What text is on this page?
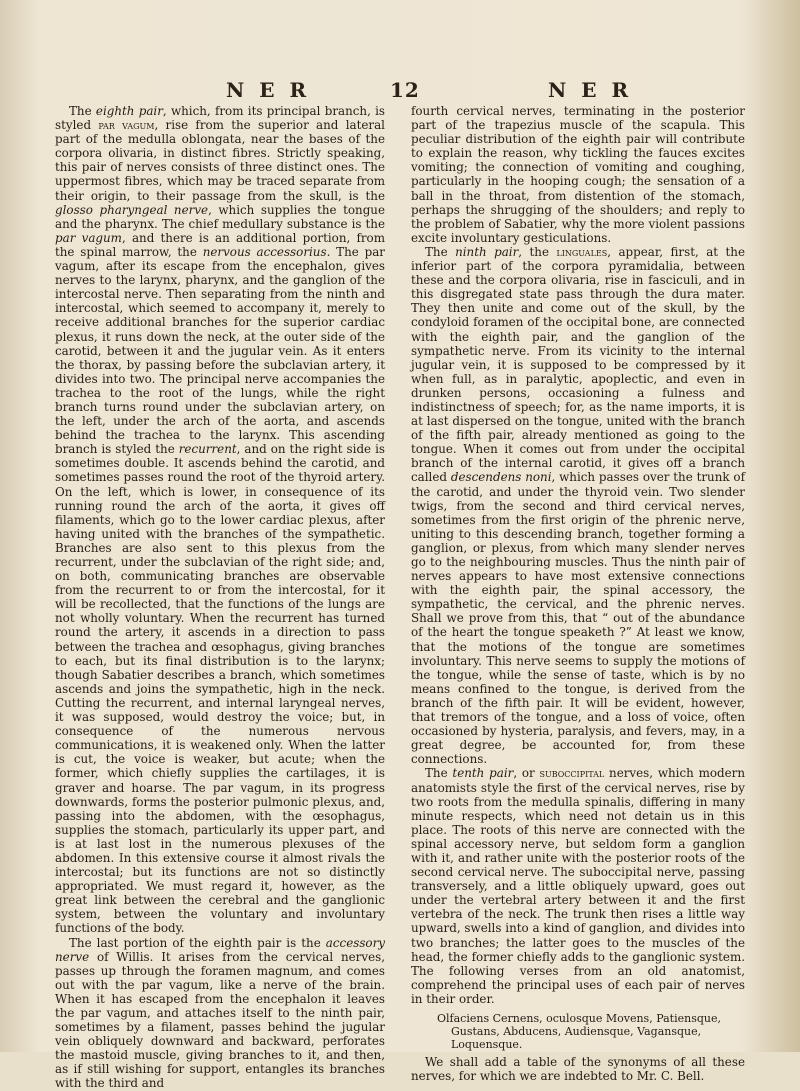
N E R	12	N E R

The eighth pair, which, from its principal branch, is styled par vagum, rise from the superior and lateral part of the medulla oblongata, near the bases of the corpora olivaria, in distinct fibres. Strictly speaking, this pair of nerves consists of three distinct ones. The uppermost fibres, which may be traced separate from their origin, to their passage from the skull, is the glosso pharyngeal nerve, which supplies the tongue and the pharynx. The chief medullary substance is the par vagum, and there is an additional portion, from the spinal marrow, the nervous accessorius. The par vagum, after its escape from the encephalon, gives nerves to the larynx, pharynx, and the ganglion of the intercostal nerve. Then separating from the ninth and intercostal, which seemed to accompany it, merely to receive additional branches for the superior cardiac plexus, it runs down the neck, at the outer side of the carotid, between it and the jugular vein. As it enters the thorax, by passing before the subclavian artery, it divides into two. The principal nerve accompanies the trachea to the root of the lungs, while the right branch turns round under the subclavian artery, on the left, under the arch of the aorta, and ascends behind the trachea to the larynx. This ascending branch is styled the recurrent, and on the right side is sometimes double. It ascends behind the carotid, and sometimes passes round the root of the thyroid artery. On the left, which is lower, in consequence of its running round the arch of the aorta, it gives off filaments, which go to the lower cardiac plexus, after having united with the branches of the sympathetic. Branches are also sent to this plexus from the recurrent, under the subclavian of the right side; and, on both, communicating branches are observable from the recurrent to or from the intercostal, for it will be recollected, that the functions of the lungs are not wholly voluntary. When the recurrent has turned round the artery, it ascends in a direction to pass between the trachea and œsophagus, giving branches to each, but its final distribution is to the larynx; though Sabatier describes a branch, which sometimes ascends and joins the sympathetic, high in the neck. Cutting the recurrent, and internal laryngeal nerves, it was supposed, would destroy the voice; but, in consequence of the numerous nervous communications, it is weakened only. When the latter is cut, the voice is weaker, but acute; when the former, which chiefly supplies the cartilages, it is graver and hoarse. The par vagum, in its progress downwards, forms the posterior pulmonic plexus, and, passing into the abdomen, with the œsophagus, supplies the stomach, particularly its upper part, and is at last lost in the numerous plexuses of the abdomen. In this extensive course it almost rivals the intercostal; but its functions are not so distinctly appropriated. We must regard it, however, as the great link between the cerebral and the ganglionic system, between the voluntary and involuntary functions of the body.

The last portion of the eighth pair is the accessory nerve of Willis. It arises from the cervical nerves, passes up through the foramen magnum, and comes out with the par vagum, like a nerve of the brain. When it has escaped from the encephalon it leaves the par vagum, and attaches itself to the ninth pair, sometimes by a filament, passes behind the jugular vein obliquely downward and backward, perforates the mastoid muscle, giving branches to it, and then, as if still wishing for support, entangles its branches with the third and

fourth cervical nerves, terminating in the posterior part of the trapezius muscle of the scapula. This peculiar distribution of the eighth pair will contribute to explain the reason, why tickling the fauces excites vomiting; the connection of vomiting and coughing, particularly in the hooping cough; the sensation of a ball in the throat, from distention of the stomach, perhaps the shrugging of the shoulders; and reply to the problem of Sabatier, why the more violent passions excite involuntary gesticulations.

The ninth pair, the linguales, appear, first, at the inferior part of the corpora pyramidalia, between these and the corpora olivaria, rise in fasciculi, and in this disgregated state pass through the dura mater. They then unite and come out of the skull, by the condyloid foramen of the occipital bone, are connected with the eighth pair, and the ganglion of the sympathetic nerve. From its vicinity to the internal jugular vein, it is supposed to be compressed by it when full, as in paralytic, apoplectic, and even in drunken persons, occasioning a fulness and indistinctness of speech; for, as the name imports, it is at last dispersed on the tongue, united with the branch of the fifth pair, already mentioned as going to the tongue. When it comes out from under the occipital branch of the internal carotid, it gives off a branch called descendens noni, which passes over the trunk of the carotid, and under the thyroid vein. Two slender twigs, from the second and third cervical nerves, sometimes from the first origin of the phrenic nerve, uniting to this descending branch, together forming a ganglion, or plexus, from which many slender nerves go to the neighbouring muscles. Thus the ninth pair of nerves appears to have most extensive connections with the eighth pair, the spinal accessory, the sympathetic, the cervical, and the phrenic nerves. Shall we prove from this, that “ out of the abundance of the heart the tongue speaketh ?” At least we know, that the motions of the tongue are sometimes involuntary. This nerve seems to supply the motions of the tongue, while the sense of taste, which is by no means confined to the tongue, is derived from the branch of the fifth pair. It will be evident, however, that tremors of the tongue, and a loss of voice, often occasioned by hysteria, paralysis, and fevers, may, in a great degree, be accounted for, from these connections.

The tenth pair, or suboccipital nerves, which modern anatomists style the first of the cervical nerves, rise by two roots from the medulla spinalis, differing in many minute respects, which need not detain us in this place. The roots of this nerve are connected with the spinal accessory nerve, but seldom form a ganglion with it, and rather unite with the posterior roots of the second cervical nerve. The suboccipital nerve, passing transversely, and a little obliquely upward, goes out under the vertebral artery between it and the first vertebra of the neck. The trunk then rises a little way upward, swells into a kind of ganglion, and divides into two branches; the latter goes to the muscles of the head, the former chiefly adds to the ganglionic system. The following verses from an old anatomist, comprehend the principal uses of each pair of nerves in their order.

Olfaciens Cernens, oculosque Movens, Patiensque,
Gustans, Abducens, Audiensque, Vagansque, Loquensque.

We shall add a table of the synonyms of all these nerves, for which we are indebted to Mr. C. Bell.
